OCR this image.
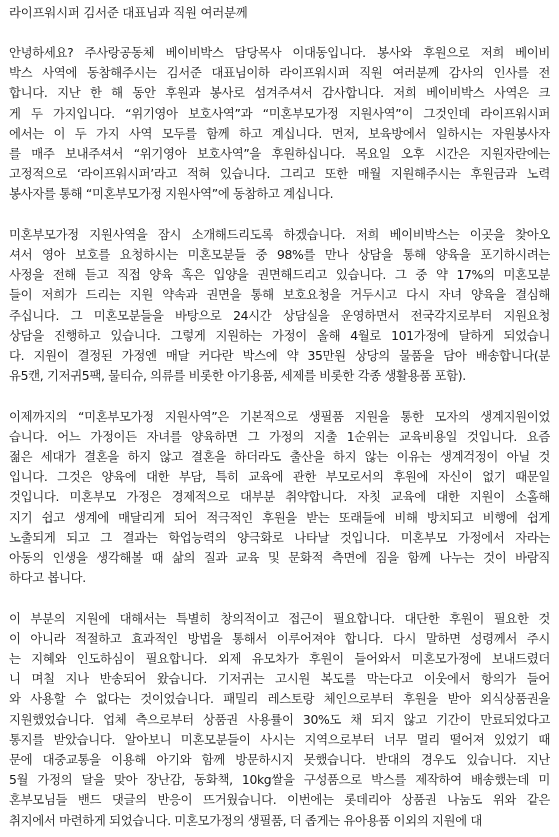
라이프워시퍼 김서준 대표님과 직원 여러분께
안녕하세요? 주사랑공동체 베이비박스 담당목사 이대동입니다. 봉사와 후원으로 저희 베이비
박스 사역에 동참해주시는 김서준 대표님이하 라이프워시퍼 직원 여러분께 감사의 인사를 전
합니다. 지난 한 해 동안 후원과 봉사로 섬겨주셔서 감사합니다. 저희 베이비박스 사역은 크
게 두 가지입니다. “위기영아 보호사역”과 “미혼부모가정 지원사역”이 그것인데 라이프워시퍼
에서는 이 두 가지 사역 모두를 함께 하고 계십니다. 먼저, 보육방에서 일하시는 자원봉사자
를 매주 보내주셔서 “위기영아 보호사역”을 후원하십니다. 목요일 오후 시간은 지원자란에는
고정적으로 ‘라이프워시퍼’라고 적혀 있습니다. 그리고 또한 매월 지원해주시는 후원금과 노력
봉사자를 통해 “미혼부모가정 지원사역”에 동참하고 계십니다.
미혼부모가정 지원사역을 잠시 소개해드리도록 하겠습니다. 저희 베이비박스는 이곳을 찾아오
셔서 영아 보호를 요청하시는 미혼모분들 중 98%를 만나 상담을 통해 양육을 포기하시려는
사정을 전해 듣고 직접 양육 혹은 입양을 권면해드리고 있습니다. 그 중 약 17%의 미혼모분
들이 저희가 드리는 지원 약속과 권면을 통해 보호요청을 거두시고 다시 자녀 양육을 결심해
주십니다. 그 미혼모분들을 바탕으로 24시간 상담실을 운영하면서 전국각지로부터 지원요청
상담을 진행하고 있습니다. 그렇게 지원하는 가정이 올해 4월로 101가정에 달하게 되었습니
다. 지원이 결정된 가정엔 매달 커다란 박스에 약 35만원 상당의 물품을 담아 배송합니다(분
유5캔, 기저귀5팩, 물티슈, 의류를 비롯한 아기용품, 세제를 비롯한 각종 생활용품 포함).
이제까지의 “미혼부모가정 지원사역”은 기본적으로 생필품 지원을 통한 모자의 생계지원이었
습니다. 어느 가정이든 자녀를 양육하면 그 가정의 지출 1순위는 교육비용일 것입니다. 요즘
젊은 세대가 결혼을 하지 않고 결혼을 하더라도 출산을 하지 않는 이유는 생계걱정이 아닐 것
입니다. 그것은 양육에 대한 부담, 특히 교육에 관한 부모로서의 후원에 자신이 없기 때문일
것입니다. 미혼부모 가정은 경제적으로 대부분 취약합니다. 자칫 교육에 대한 지원이 소홀해
지기 쉽고 생계에 매달리게 되어 적극적인 후원을 받는 또래들에 비해 방치되고 비행에 쉽게
노출되게 되고 그 결과는 학업능력의 양극화로 나타날 것입니다. 미혼부모 가정에서 자라는
아동의 인생을 생각해볼 때 삶의 질과 교육 및 문화적 측면에 짐을 함께 나누는 것이 바람직
하다고 봅니다.
이 부분의 지원에 대해서는 특별히 창의적이고 접근이 필요합니다. 대단한 후원이 필요한 것
이 아니라 적절하고 효과적인 방법을 통해서 이루어져야 합니다. 다시 말하면 성령께서 주시
는 지혜와 인도하심이 필요합니다. 외제 유모차가 후원이 들어와서 미혼모가정에 보내드렸더
니 며칠 지나 반송되어 왔습니다. 기저귀는 고시원 복도를 막는다고 이웃에서 항의가 들어
와 사용할 수 없다는 것이었습니다. 패밀리 레스토랑 체인으로부터 후원을 받아 외식상품권을
지원했었습니다. 업체 측으로부터 상품권 사용률이 30%도 채 되지 않고 기간이 만료되었다고
통지를 받았습니다. 알아보니 미혼모분들이 사시는 지역으로부터 너무 멀리 떨어져 있었기 때
문에 대중교통을 이용해 아기와 함께 방문하시지 못했습니다. 반대의 경우도 있습니다. 지난
5월 가정의 달을 맞아 장난감, 동화책, 10kg쌀을 구성품으로 박스를 제작하여 배송했는데 미
혼부모님들 밴드 댓글의 반응이 뜨거웠습니다. 이번에는 롯데리아 상품권 나눔도 위와 같은
취지에서 마련하게 되었습니다. 미혼모가정의 생필품, 더 좁게는 유아용품 이외의 지원에 대
